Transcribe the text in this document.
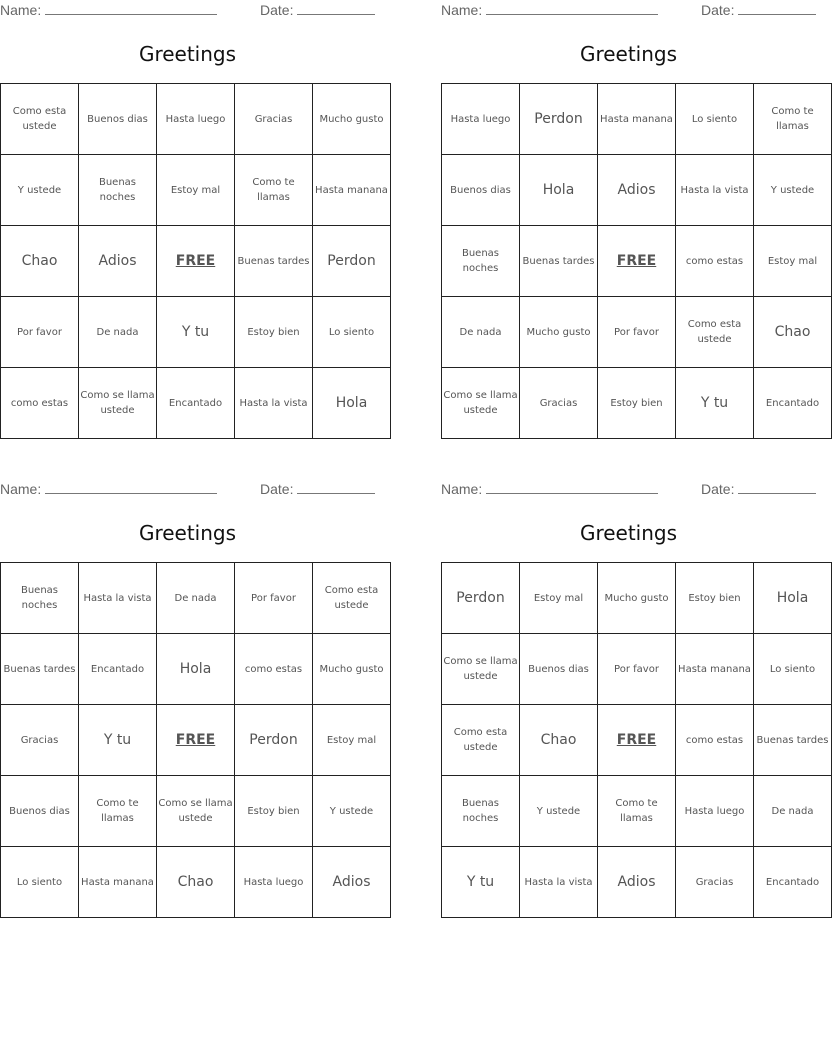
Name:	Date:
Greetings
Como esta ustede	Buenos dias	Hasta luego	Gracias	Mucho gusto
Y ustede	Buenas noches	Estoy mal	Como te llamas	Hasta manana
Chao	Adios	FREE	Buenas tardes	Perdon
Por favor	De nada	Y tu	Estoy bien	Lo siento
como estas	Como se llama ustede	Encantado	Hasta la vista	Hola
Name:	Date:
Greetings
Hasta luego	Perdon	Hasta manana	Lo siento	Como te llamas
Buenos dias	Hola	Adios	Hasta la vista	Y ustede
Buenas noches	Buenas tardes	FREE	como estas	Estoy mal
De nada	Mucho gusto	Por favor	Como esta ustede	Chao
Como se llama ustede	Gracias	Estoy bien	Y tu	Encantado
Name:	Date:
Greetings
Buenas noches	Hasta la vista	De nada	Por favor	Como esta ustede
Buenas tardes	Encantado	Hola	como estas	Mucho gusto
Gracias	Y tu	FREE	Perdon	Estoy mal
Buenos dias	Como te llamas	Como se llama ustede	Estoy bien	Y ustede
Lo siento	Hasta manana	Chao	Hasta luego	Adios
Name:	Date:
Greetings
Perdon	Estoy mal	Mucho gusto	Estoy bien	Hola
Como se llama ustede	Buenos dias	Por favor	Hasta manana	Lo siento
Como esta ustede	Chao	FREE	como estas	Buenas tardes
Buenas noches	Y ustede	Como te llamas	Hasta luego	De nada
Y tu	Hasta la vista	Adios	Gracias	Encantado
